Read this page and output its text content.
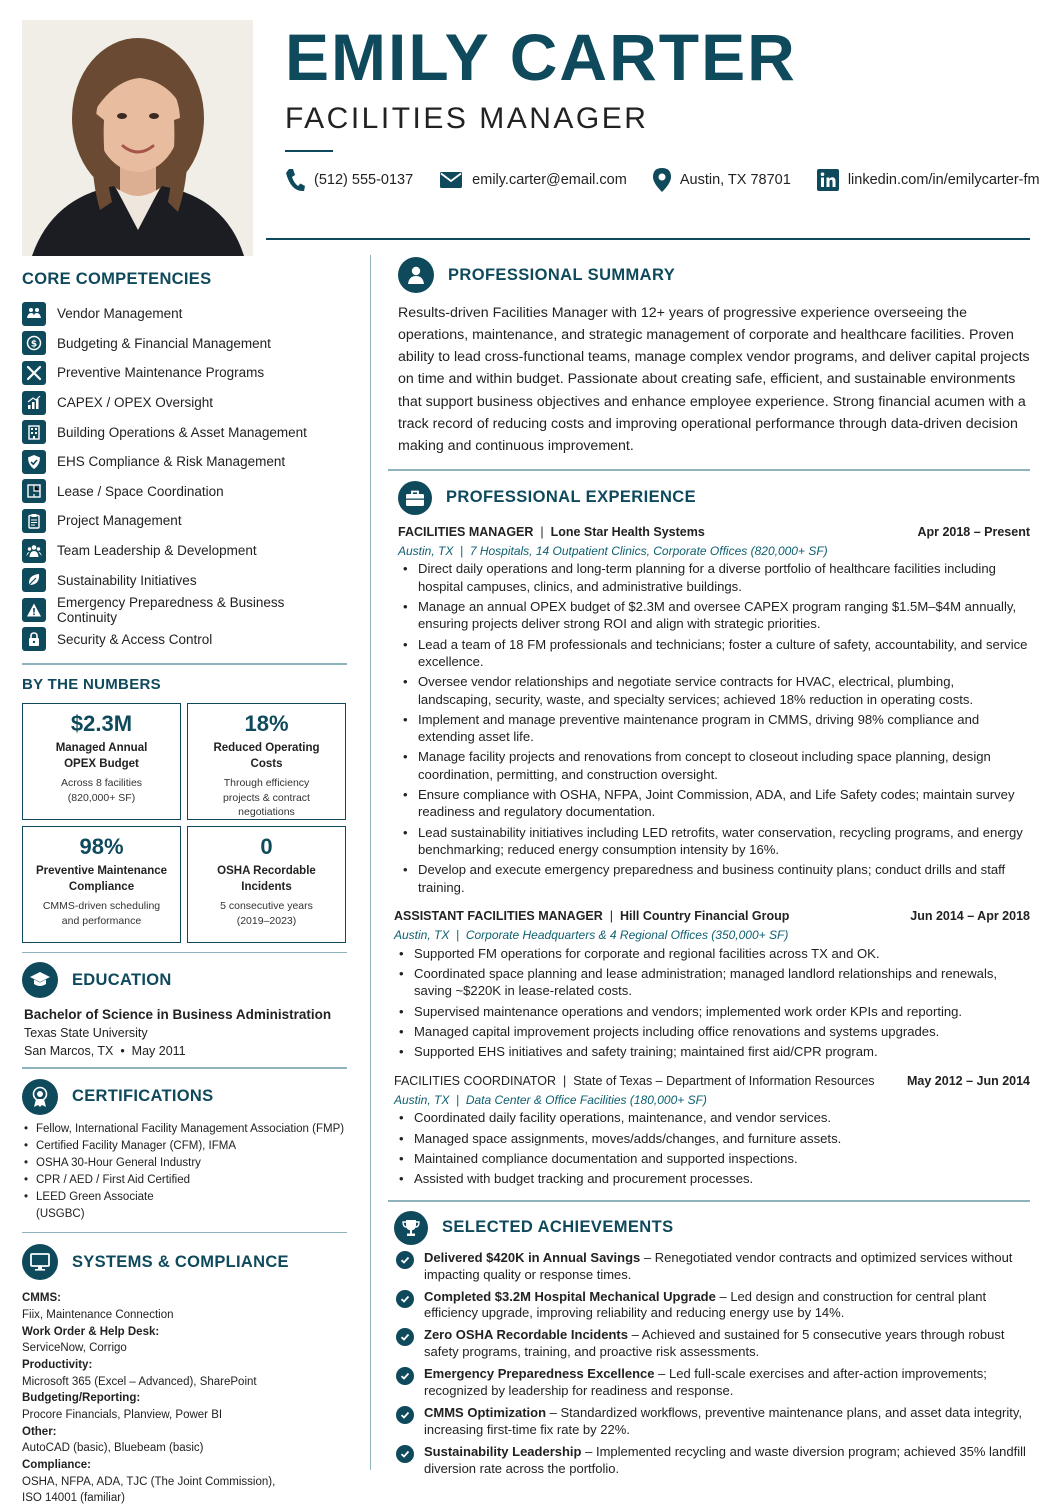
EMILY CARTER
FACILITIES MANAGER
(512) 555-0137	emily.carter@email.com	Austin, TX 78701	linkedin.com/in/emilycarter-fm
CORE COMPETENCIES
Vendor Management
$ Budgeting & Financial Management
Preventive Maintenance Programs
CAPEX / OPEX Oversight
Building Operations & Asset Management
EHS Compliance & Risk Management
Lease / Space Coordination
Project Management
Team Leadership & Development
Sustainability Initiatives
Emergency Preparedness & Business Continuity
Security & Access Control
BY THE NUMBERS
$2.3M
Managed Annual OPEX Budget
Across 8 facilities (820,000+ SF)
18%
Reduced Operating Costs
Through efficiency projects & contract negotiations
98%
Preventive Maintenance Compliance
CMMS-driven scheduling and performance
0
OSHA Recordable Incidents
5 consecutive years (2019–2023)
EDUCATION
Bachelor of Science in Business Administration
Texas State University
San Marcos, TX  •  May 2011
CERTIFICATIONS
• Fellow, International Facility Management Association (FMP)
• Certified Facility Manager (CFM), IFMA
• OSHA 30-Hour General Industry
• CPR / AED / First Aid Certified
• LEED Green Associate (USGBC)
SYSTEMS & COMPLIANCE
CMMS:
Fiix, Maintenance Connection
Work Order & Help Desk:
ServiceNow, Corrigo
Productivity:
Microsoft 365 (Excel – Advanced), SharePoint
Budgeting/Reporting:
Procore Financials, Planview, Power BI
Other:
AutoCAD (basic), Bluebeam (basic)
Compliance:
OSHA, NFPA, ADA, TJC (The Joint Commission), ISO 14001 (familiar)
PROFESSIONAL SUMMARY

Results-driven Facilities Manager with 12+ years of progressive experience overseeing the operations, maintenance, and strategic management of corporate and healthcare facilities. Proven ability to lead cross-functional teams, manage complex vendor programs, and deliver capital projects on time and within budget. Passionate about creating safe, efficient, and sustainable environments that support business objectives and enhance employee experience. Strong financial acumen with a track record of reducing costs and improving operational performance through data-driven decision making and continuous improvement.

PROFESSIONAL EXPERIENCE
FACILITIES MANAGER  |  Lone Star Health Systems	Apr 2018 – Present
Austin, TX  |  7 Hospitals, 14 Outpatient Clinics, Corporate Offices (820,000+ SF)
• Direct daily operations and long-term planning for a diverse portfolio of healthcare facilities including hospital campuses, clinics, and administrative buildings.
• Manage an annual OPEX budget of $2.3M and oversee CAPEX program ranging $1.5M–$4M annually, ensuring projects deliver strong ROI and align with strategic priorities.
• Lead a team of 18 FM professionals and technicians; foster a culture of safety, accountability, and service excellence.
• Oversee vendor relationships and negotiate service contracts for HVAC, electrical, plumbing, landscaping, security, waste, and specialty services; achieved 18% reduction in operating costs.
• Implement and manage preventive maintenance program in CMMS, driving 98% compliance and extending asset life.
• Manage facility projects and renovations from concept to closeout including space planning, design coordination, permitting, and construction oversight.
• Ensure compliance with OSHA, NFPA, Joint Commission, ADA, and Life Safety codes; maintain survey readiness and regulatory documentation.
• Lead sustainability initiatives including LED retrofits, water conservation, recycling programs, and energy benchmarking; reduced energy consumption intensity by 16%.
• Develop and execute emergency preparedness and business continuity plans; conduct drills and staff training.
ASSISTANT FACILITIES MANAGER  |  Hill Country Financial Group	Jun 2014 – Apr 2018
Austin, TX  |  Corporate Headquarters & 4 Regional Offices (350,000+ SF)
• Supported FM operations for corporate and regional facilities across TX and OK.
• Coordinated space planning and lease administration; managed landlord relationships and renewals, saving ~$220K in lease-related costs.
• Supervised maintenance operations and vendors; implemented work order KPIs and reporting.
• Managed capital improvement projects including office renovations and systems upgrades.
• Supported EHS initiatives and safety training; maintained first aid/CPR program.
FACILITIES COORDINATOR  |  State of Texas – Department of Information Resources	May 2012 – Jun 2014
Austin, TX  |  Data Center & Office Facilities (180,000+ SF)
• Coordinated daily facility operations, maintenance, and vendor services.
• Managed space assignments, moves/adds/changes, and furniture assets.
• Maintained compliance documentation and supported inspections.
• Assisted with budget tracking and procurement processes.
SELECTED ACHIEVEMENTS
Delivered $420K in Annual Savings – Renegotiated vendor contracts and optimized services without impacting quality or response times.
Completed $3.2M Hospital Mechanical Upgrade – Led design and construction for central plant efficiency upgrade, improving reliability and reducing energy use by 14%.
Zero OSHA Recordable Incidents – Achieved and sustained for 5 consecutive years through robust safety programs, training, and proactive risk assessments.
Emergency Preparedness Excellence – Led full-scale exercises and after-action improvements; recognized by leadership for readiness and response.
CMMS Optimization – Standardized workflows, preventive maintenance plans, and asset data integrity, increasing first-time fix rate by 22%.
Sustainability Leadership – Implemented recycling and waste diversion program; achieved 35% landfill diversion rate across the portfolio.
